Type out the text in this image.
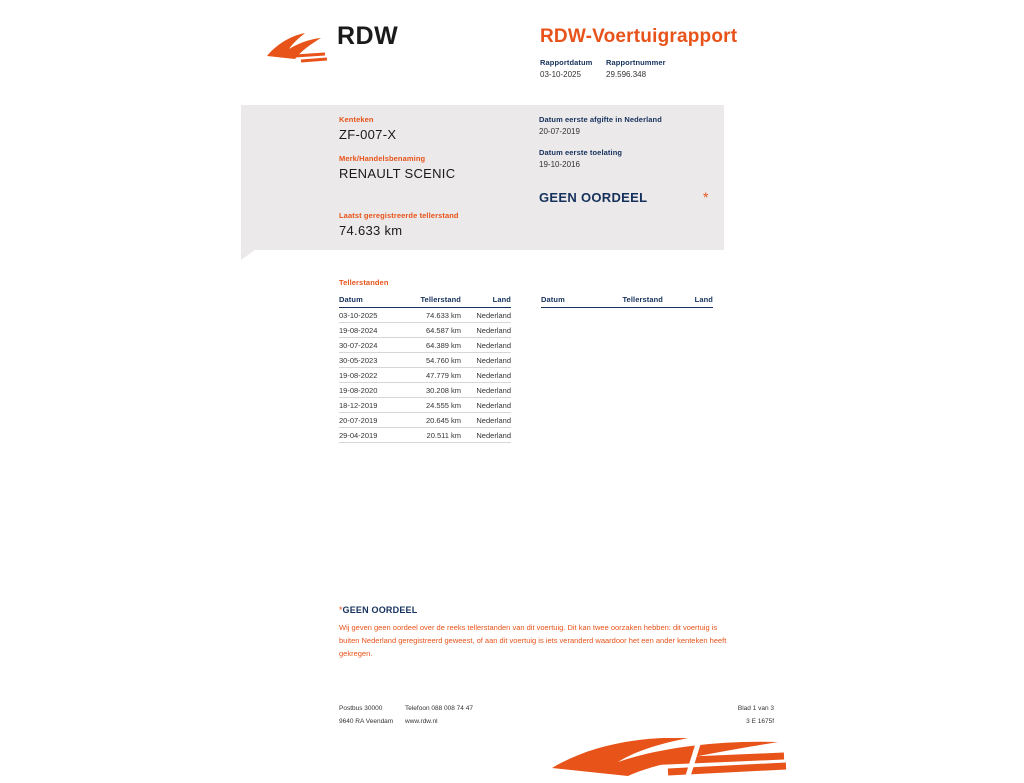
RDW	RDW-Voertuigrapport
Rapportdatum
03-10-2025
Rapportnummer
29.596.348
Kenteken
ZF-007-X
Merk/Handelsbenaming
RENAULT SCENIC
Datum eerste afgifte in Nederland
20-07-2019
Datum eerste toelating
19-10-2016
GEEN OORDEEL	*
Laatst geregistreerde tellerstand
74.633 km
Tellerstanden
Datum	Tellerstand	Land
03-10-2025	74.633 km	Nederland
19-08-2024	64.587 km	Nederland
30-07-2024	64.389 km	Nederland
30-05-2023	54.760 km	Nederland
19-08-2022	47.779 km	Nederland
19-08-2020	30.208 km	Nederland
18-12-2019	24.555 km	Nederland
20-07-2019	20.645 km	Nederland
29-04-2019	20.511 km	Nederland
Datum	Tellerstand	Land
*GEEN OORDEEL
Wij geven geen oordeel over de reeks tellerstanden van dit voertuig. Dit kan twee oorzaken hebben: dit voertuig is buiten Nederland geregistreerd geweest, of aan dit voertuig is iets veranderd waardoor het een ander kenteken heeft gekregen.
Postbus 30000
9640 RA Veendam
Telefoon 088 008 74 47
www.rdw.nl
Blad 1 van 3
3 E 1675f
